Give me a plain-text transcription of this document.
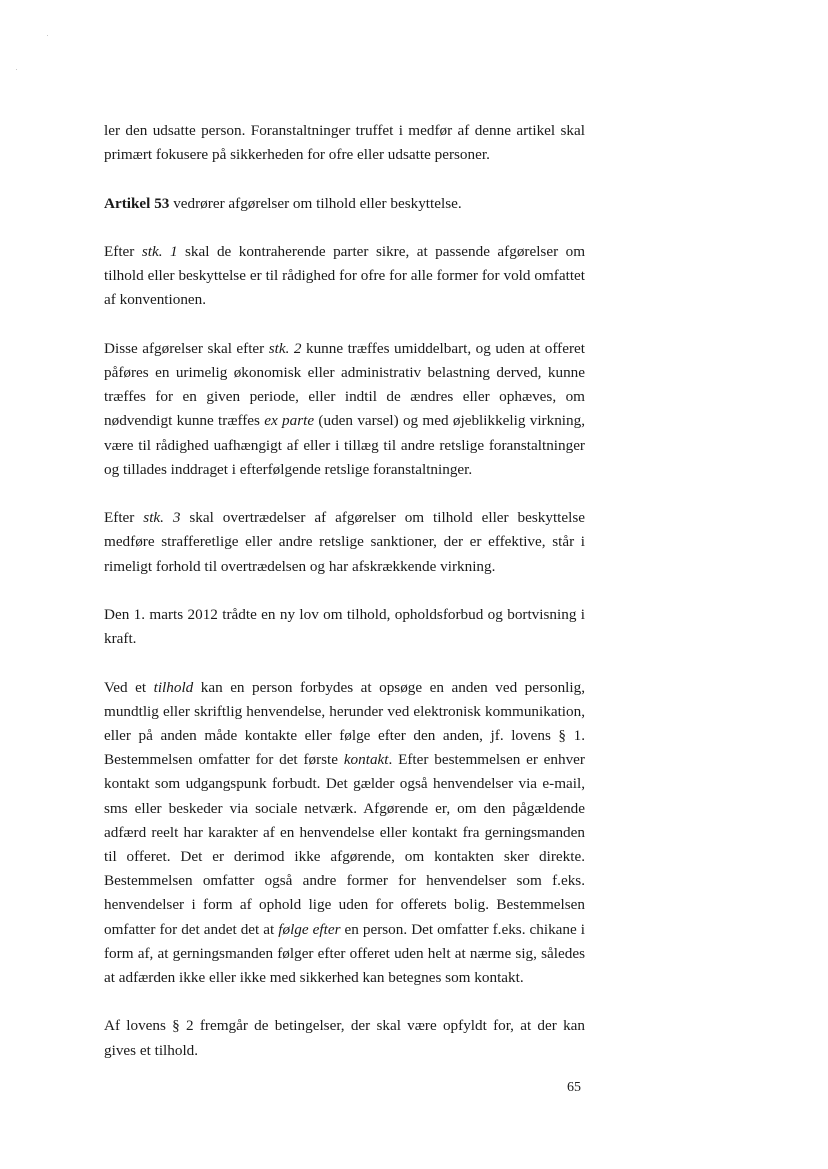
ler den udsatte person. Foranstaltninger truffet i medfør af denne artikel skal primært fokusere på sikkerheden for ofre eller udsatte personer.

Artikel 53 vedrører afgørelser om tilhold eller beskyttelse.

Efter stk. 1 skal de kontraherende parter sikre, at passende afgørelser om tilhold eller beskyttelse er til rådighed for ofre for alle former for vold omfattet af konventionen.

Disse afgørelser skal efter stk. 2 kunne træffes umiddelbart, og uden at offeret påføres en urimelig økonomisk eller administrativ belastning derved, kunne træffes for en given periode, eller indtil de ændres eller ophæves, om nødvendigt kunne træffes ex parte (uden varsel) og med øjeblikkelig virkning, være til rådighed uafhængigt af eller i tillæg til andre retslige foranstaltninger og tillades inddraget i efterfølgende retslige foranstaltninger.

Efter stk. 3 skal overtrædelser af afgørelser om tilhold eller beskyttelse medføre strafferetlige eller andre retslige sanktioner, der er effektive, står i rimeligt forhold til overtrædelsen og har afskrækkende virkning.

Den 1. marts 2012 trådte en ny lov om tilhold, opholdsforbud og bortvisning i kraft.

Ved et tilhold kan en person forbydes at opsøge en anden ved personlig, mundtlig eller skriftlig henvendelse, herunder ved elektronisk kommunikation, eller på anden måde kontakte eller følge efter den anden, jf. lovens § 1. Bestemmelsen omfatter for det første kontakt. Efter bestemmelsen er enhver kontakt som udgangspunk forbudt. Det gælder også henvendelser via e-mail, sms eller beskeder via sociale netværk. Afgørende er, om den pågældende adfærd reelt har karakter af en henvendelse eller kontakt fra gerningsmanden til offeret. Det er derimod ikke afgørende, om kontakten sker direkte. Bestemmelsen omfatter også andre former for henvendelser som f.eks. henvendelser i form af ophold lige uden for offerets bolig. Bestemmelsen omfatter for det andet det at følge efter en person. Det omfatter f.eks. chikane i form af, at gerningsmanden følger efter offeret uden helt at nærme sig, således at adfærden ikke eller ikke med sikkerhed kan betegnes som kontakt.

Af lovens § 2 fremgår de betingelser, der skal være opfyldt for, at der kan gives et tilhold.

65
